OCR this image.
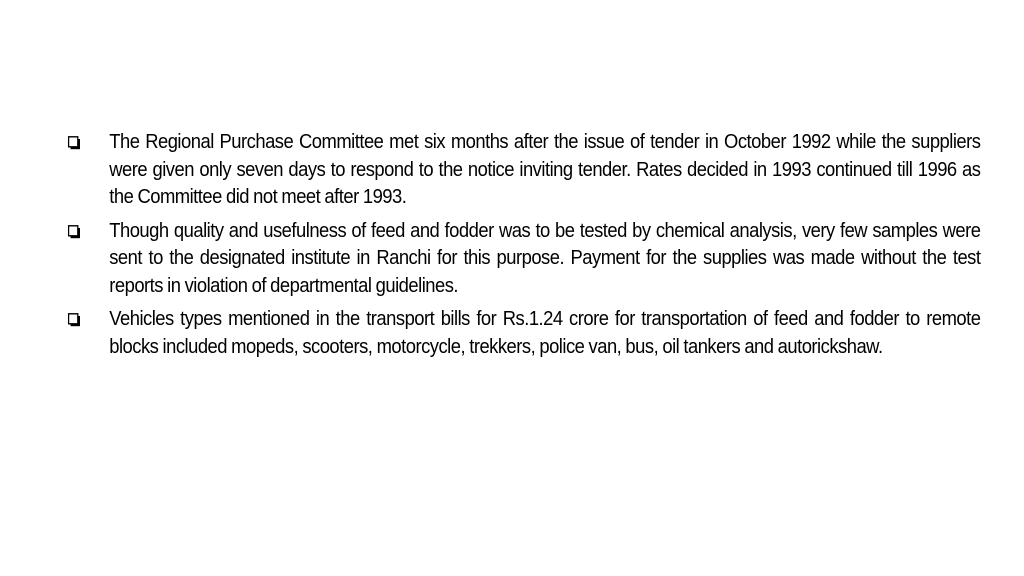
The Regional Purchase Committee met six months after the issue of tender in October 1992 while the suppliers were given only seven days to respond to the notice inviting tender. Rates decided in 1993 continued till 1996 as the Committee did not meet after 1993.
Though quality and usefulness of feed and fodder was to be tested by chemical analysis, very few samples were sent to the designated institute in Ranchi for this purpose. Payment for the supplies was made without the test reports in violation of departmental guidelines.
Vehicles types mentioned in the transport bills for Rs.1.24 crore for transportation of feed and fodder to remote blocks included mopeds, scooters, motorcycle, trekkers, police van, bus, oil tankers and autorickshaw.
